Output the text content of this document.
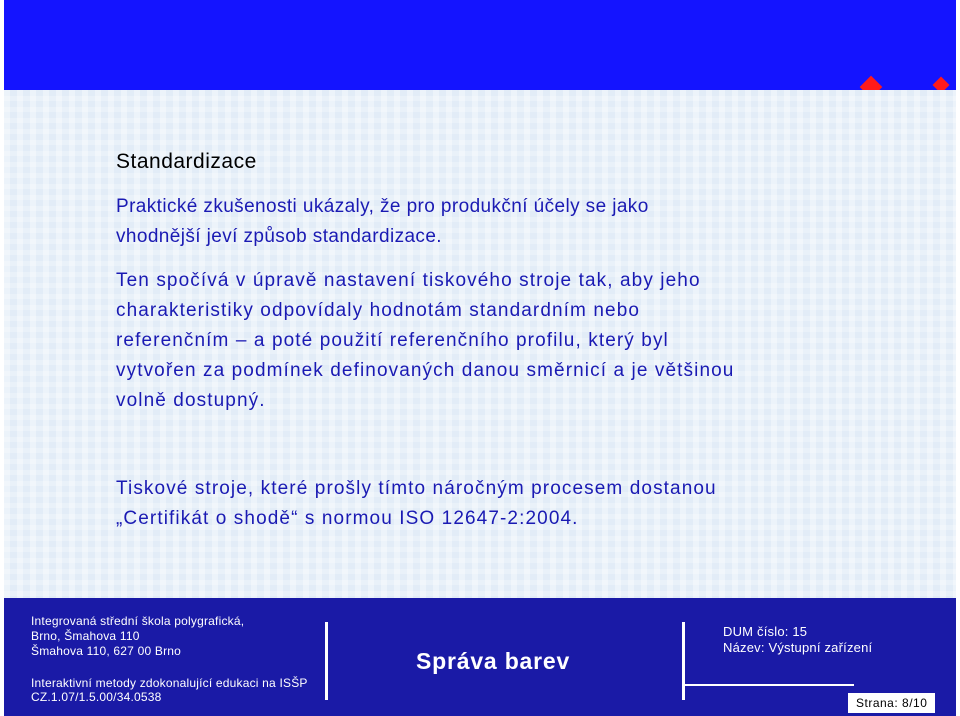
Standardizace

Praktické zkušenosti ukázaly, že pro produkční účely se jako
vhodnější jeví způsob standardizace.

Ten spočívá v úpravě nastavení tiskového stroje tak, aby jeho
charakteristiky odpovídaly hodnotám standardním nebo
referenčním – a poté použití referenčního profilu, který byl
vytvořen za podmínek definovaných danou směrnicí a je většinou
volně dostupný.

Tiskové stroje, které prošly tímto náročným procesem dostanou
„Certifikát o shodě“ s normou ISO 12647-2:2004.

Integrovaná střední škola polygrafická,
Brno, Šmahova 110
Šmahova 110, 627 00 Brno
Interaktivní metody zdokonalující edukaci na ISŠP
CZ.1.07/1.5.00/34.0538
Správa barev
DUM číslo: 15
Název: Výstupní zařízení
Strana: 8/10
